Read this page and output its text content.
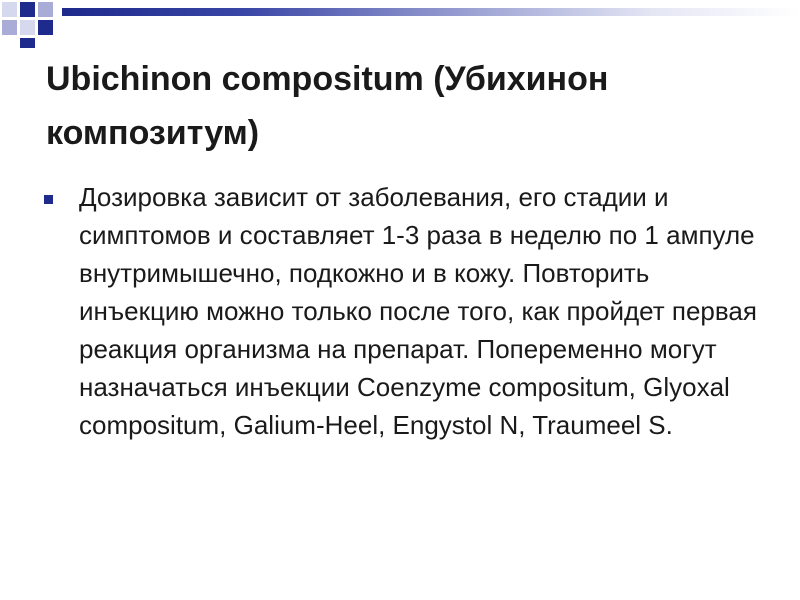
Ubichinon compositum (Убихинон композитум)

Дозировка зависит от заболевания, его стадии и симптомов и составляет 1-3 раза в неделю по 1 ампуле внутримышечно, подкожно и в кожу. Повторить инъекцию можно только после того, как пройдет первая реакция организма на препарат. Попеременно могут назначаться инъекции Coenzyme compositum, Glyoxal compositum, Galium-Heel, Engystol N, Traumeel S.
